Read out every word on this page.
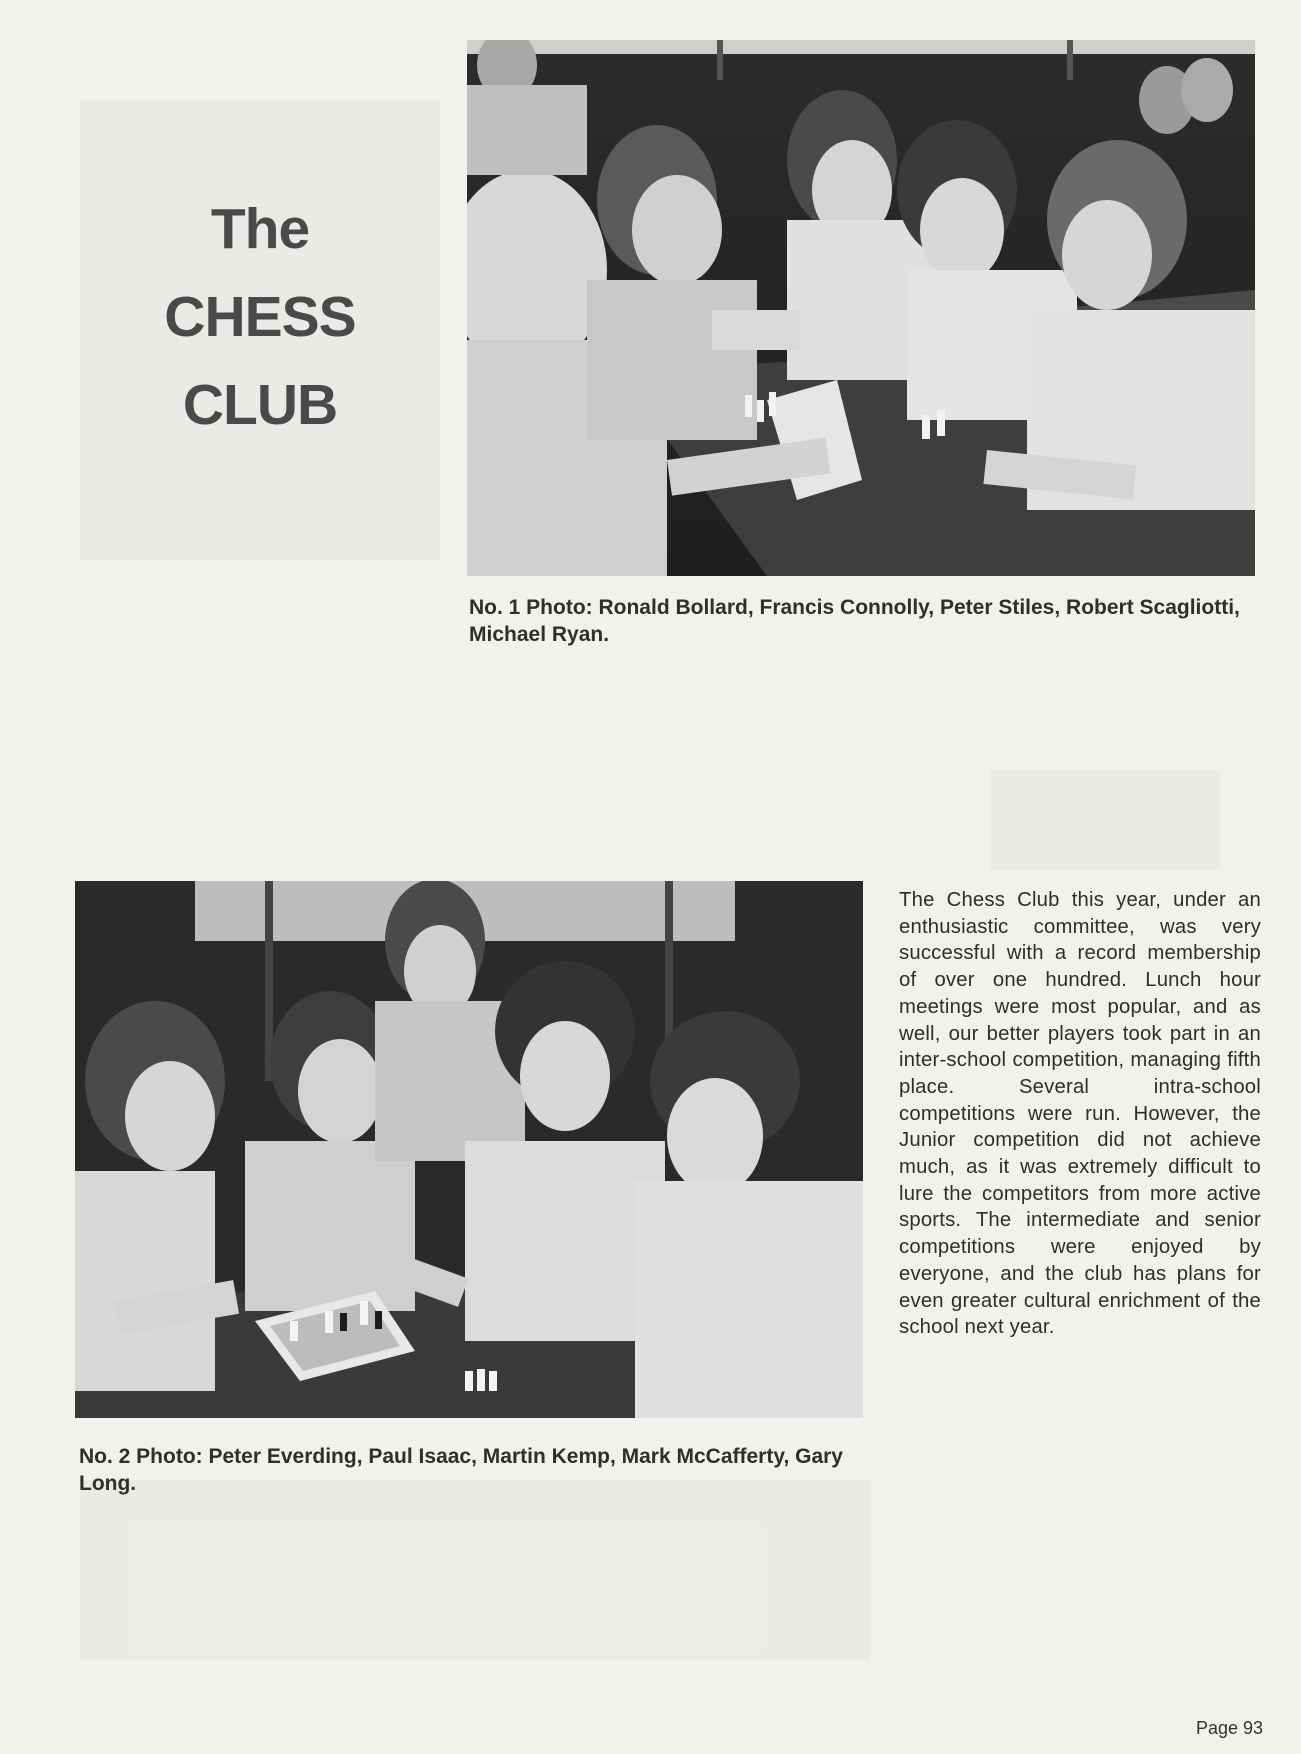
The
CHESS
CLUB
No. 1 Photo: Ronald Bollard, Francis Connolly, Peter Stiles, Robert Scagliotti, Michael Ryan.
No. 2 Photo: Peter Everding, Paul Isaac, Martin Kemp, Mark McCafferty, Gary Long.
The Chess Club this year, under an enthusiastic committee, was very successful with a record membership of over one hundred. Lunch hour meetings were most popular, and as well, our better players took part in an inter-school competition, managing fifth place. Several intra-school competitions were run. However, the Junior competition did not achieve much, as it was extremely difficult to lure the competitors from more active sports. The intermediate and senior competitions were enjoyed by everyone, and the club has plans for even greater cultural enrichment of the school next year.
Page 93
